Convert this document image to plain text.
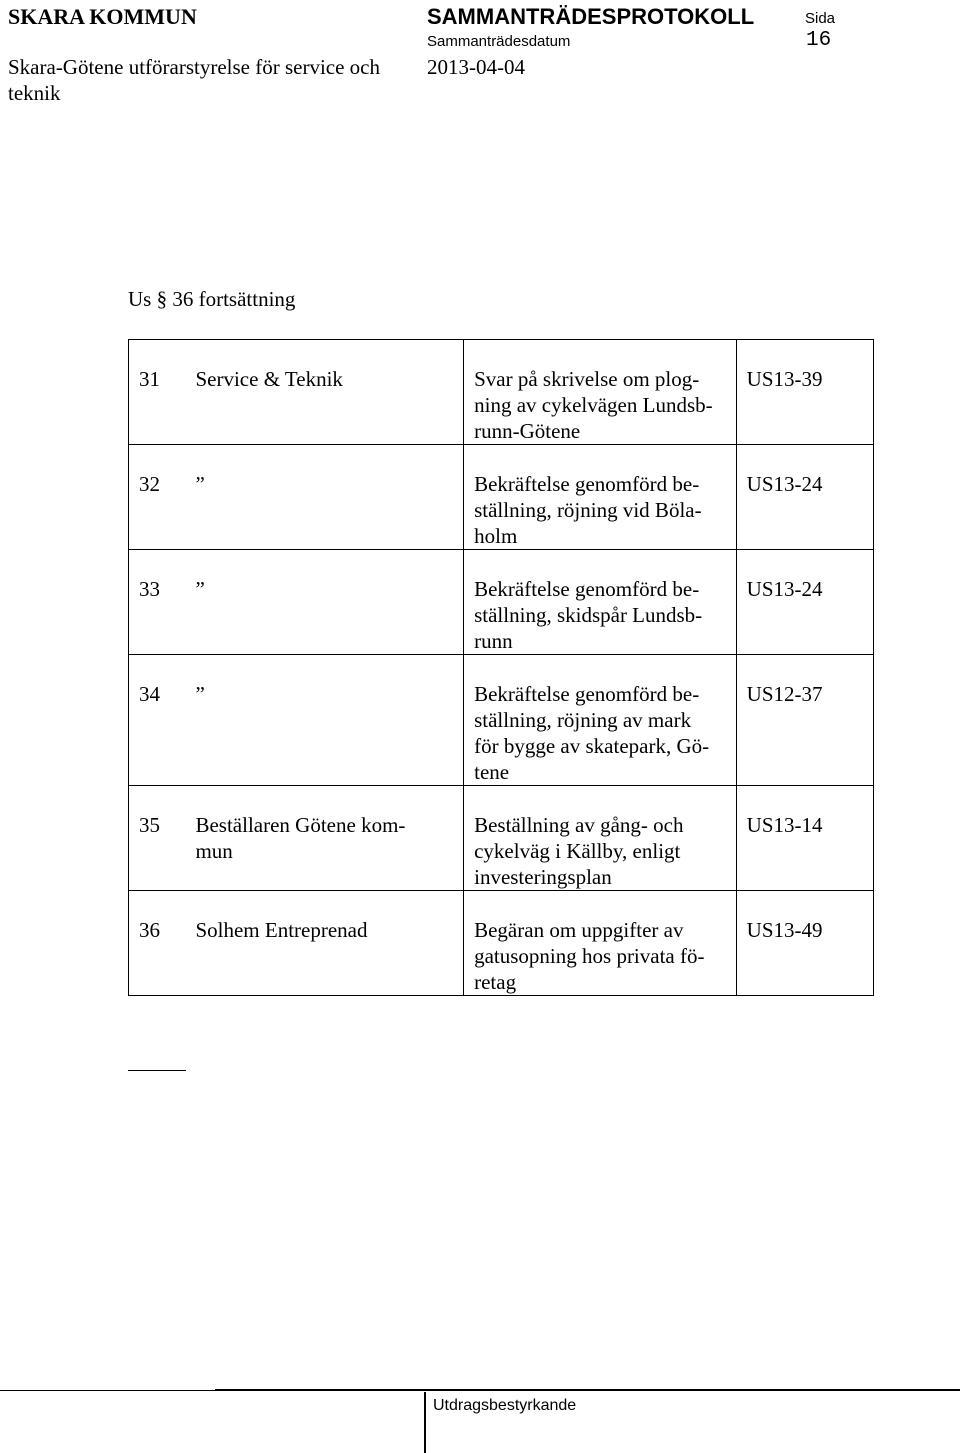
SKARA KOMMUN	SAMMANTRÄDESPROTOKOLL	Sida
Sammanträdesdatum	16
Skara-Götene utförarstyrelse för service och 2013-04-04
teknik
Us § 36 fortsättning
31	Service & Teknik	Svar på skrivelse om plog-
ning av cykelvägen Lundsb-
runn-Götene	US13-39

32	”	Bekräftelse genomförd be-
ställning, röjning vid Böla-
holm	US13-24

33	”	Bekräftelse genomförd be-
ställning, skidspår Lundsb-
runn	US13-24

34	”	Bekräftelse genomförd be-
ställning, röjning av mark
för bygge av skatepark, Gö-
tene	US12-37

35	Beställaren Götene kom-
mun	Beställning av gång- och
cykelväg i Källby, enligt
investeringsplan	US13-14

36	Solhem Entreprenad	Begäran om uppgifter av
gatusopning hos privata fö-
retag	US13-49
Utdragsbestyrkande
